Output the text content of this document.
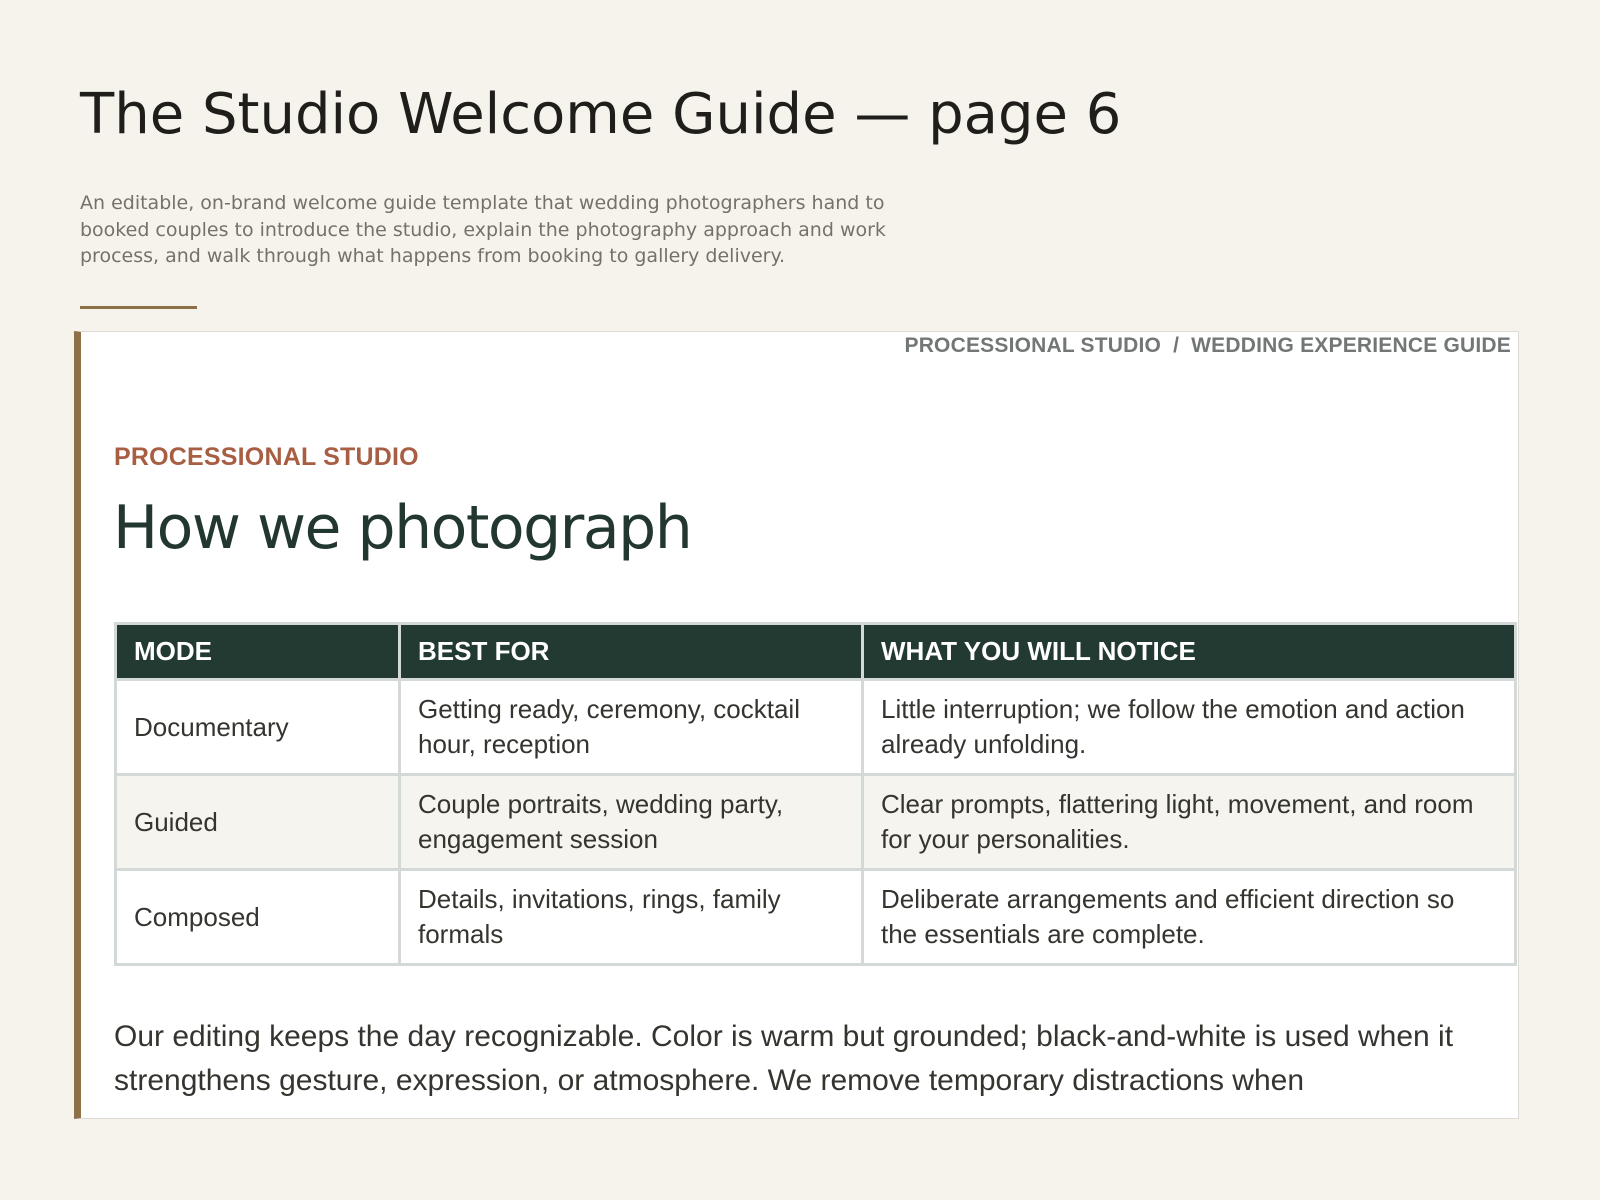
The Studio Welcome Guide — page 6

An editable, on-brand welcome guide template that wedding photographers hand to booked couples to introduce the studio, explain the photography approach and work process, and walk through what happens from booking to gallery delivery.

PROCESSIONAL STUDIO / WEDDING EXPERIENCE GUIDE
PROCESSIONAL STUDIO
How we photograph
MODE	BEST FOR	WHAT YOU WILL NOTICE
Documentary	Getting ready, ceremony, cocktail hour, reception	Little interruption; we follow the emotion and action already unfolding.
Guided	Couple portraits, wedding party, engagement session	Clear prompts, flattering light, movement, and room for your personalities.
Composed	Details, invitations, rings, family formals	Deliberate arrangements and efficient direction so the essentials are complete.

Our editing keeps the day recognizable. Color is warm but grounded; black-and-white is used when it strengthens gesture, expression, or atmosphere. We remove temporary distractions when
